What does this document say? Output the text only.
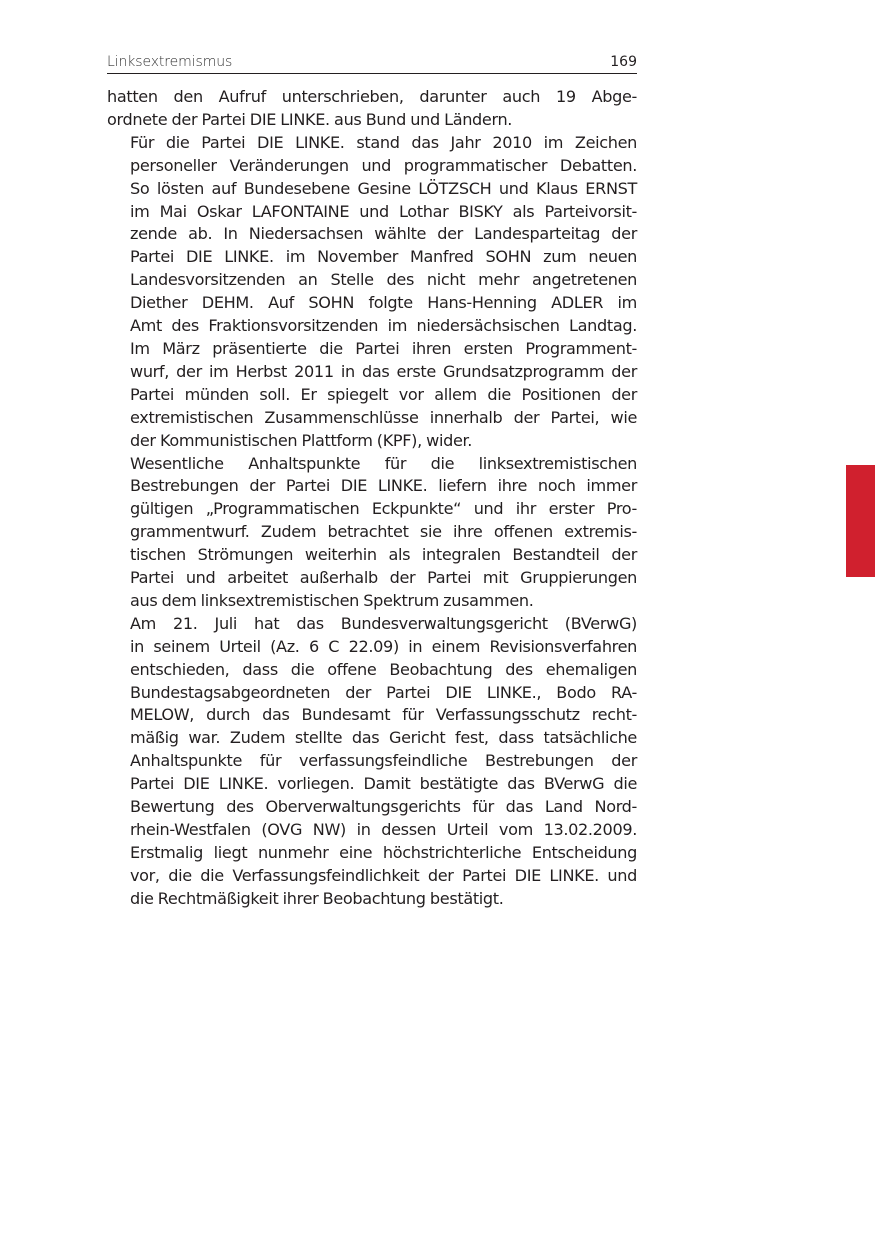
Linksextremismus	169

hatten den Aufruf unterschrieben, darunter auch 19 Abge-
ordnete der Partei DIE LINKE. aus Bund und Ländern.

Für die Partei DIE LINKE. stand das Jahr 2010 im Zeichen
personeller Veränderungen und programmatischer Debatten.
So lösten auf Bundesebene Gesine LÖTZSCH und Klaus ERNST
im Mai Oskar LAFONTAINE und Lothar BISKY als Parteivorsit-
zende ab. In Niedersachsen wählte der Landesparteitag der
Partei DIE LINKE. im November Manfred SOHN zum neuen
Landesvorsitzenden an Stelle des nicht mehr angetretenen
Diether DEHM. Auf SOHN folgte Hans-Henning ADLER im
Amt des Fraktionsvorsitzenden im niedersächsischen Landtag.
Im März präsentierte die Partei ihren ersten Programment-
wurf, der im Herbst 2011 in das erste Grundsatzprogramm der
Partei münden soll. Er spiegelt vor allem die Positionen der
extremistischen Zusammenschlüsse innerhalb der Partei, wie
der Kommunistischen Plattform (KPF), wider.

Wesentliche Anhaltspunkte für die linksextremistischen
Bestrebungen der Partei DIE LINKE. liefern ihre noch immer
gültigen „Programmatischen Eckpunkte“ und ihr erster Pro-
grammentwurf. Zudem betrachtet sie ihre offenen extremis-
tischen Strömungen weiterhin als integralen Bestandteil der
Partei und arbeitet außerhalb der Partei mit Gruppierungen
aus dem linksextremistischen Spektrum zusammen.

Am 21. Juli hat das Bundesverwaltungsgericht (BVerwG)
in seinem Urteil (Az. 6 C 22.09) in einem Revisionsverfahren
entschieden, dass die offene Beobachtung des ehemaligen
Bundestagsabgeordneten der Partei DIE LINKE., Bodo RA-
MELOW, durch das Bundesamt für Verfassungsschutz recht-
mäßig war. Zudem stellte das Gericht fest, dass tatsächliche
Anhaltspunkte für verfassungsfeindliche Bestrebungen der
Partei DIE LINKE. vorliegen. Damit bestätigte das BVerwG die
Bewertung des Oberverwaltungsgerichts für das Land Nord-
rhein-Westfalen (OVG NW) in dessen Urteil vom 13.02.2009.
Erstmalig liegt nunmehr eine höchstrichterliche Entscheidung
vor, die die Verfassungsfeindlichkeit der Partei DIE LINKE. und
die Rechtmäßigkeit ihrer Beobachtung bestätigt.
